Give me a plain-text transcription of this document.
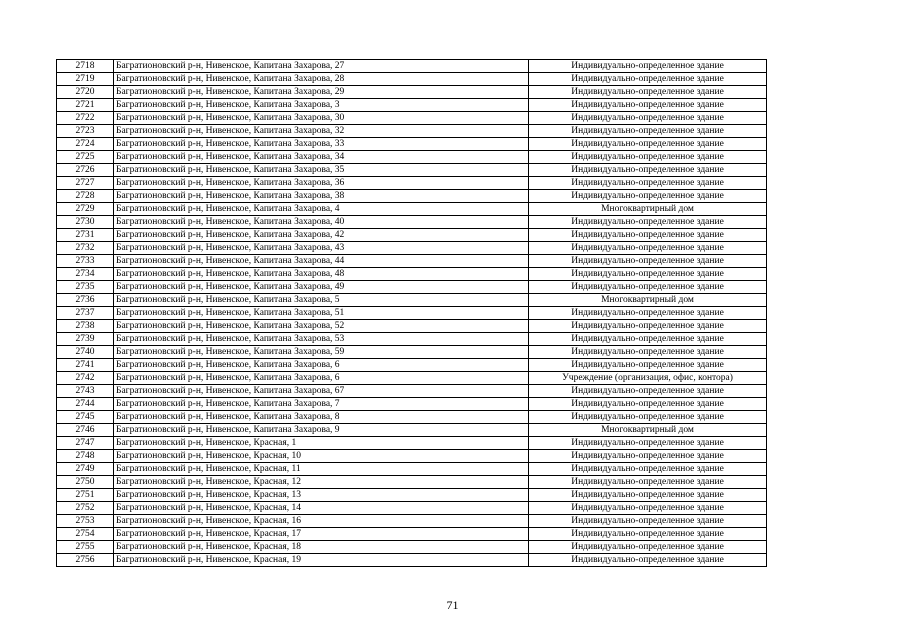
2718	Багратионовский р-н, Нивенское, Капитана Захарова, 27	Индивидуально-определенное здание
2719	Багратионовский р-н, Нивенское, Капитана Захарова, 28	Индивидуально-определенное здание
2720	Багратионовский р-н, Нивенское, Капитана Захарова, 29	Индивидуально-определенное здание
2721	Багратионовский р-н, Нивенское, Капитана Захарова, 3	Индивидуально-определенное здание
2722	Багратионовский р-н, Нивенское, Капитана Захарова, 30	Индивидуально-определенное здание
2723	Багратионовский р-н, Нивенское, Капитана Захарова, 32	Индивидуально-определенное здание
2724	Багратионовский р-н, Нивенское, Капитана Захарова, 33	Индивидуально-определенное здание
2725	Багратионовский р-н, Нивенское, Капитана Захарова, 34	Индивидуально-определенное здание
2726	Багратионовский р-н, Нивенское, Капитана Захарова, 35	Индивидуально-определенное здание
2727	Багратионовский р-н, Нивенское, Капитана Захарова, 36	Индивидуально-определенное здание
2728	Багратионовский р-н, Нивенское, Капитана Захарова, 38	Индивидуально-определенное здание
2729	Багратионовский р-н, Нивенское, Капитана Захарова, 4	Многоквартирный дом
2730	Багратионовский р-н, Нивенское, Капитана Захарова, 40	Индивидуально-определенное здание
2731	Багратионовский р-н, Нивенское, Капитана Захарова, 42	Индивидуально-определенное здание
2732	Багратионовский р-н, Нивенское, Капитана Захарова, 43	Индивидуально-определенное здание
2733	Багратионовский р-н, Нивенское, Капитана Захарова, 44	Индивидуально-определенное здание
2734	Багратионовский р-н, Нивенское, Капитана Захарова, 48	Индивидуально-определенное здание
2735	Багратионовский р-н, Нивенское, Капитана Захарова, 49	Индивидуально-определенное здание
2736	Багратионовский р-н, Нивенское, Капитана Захарова, 5	Многоквартирный дом
2737	Багратионовский р-н, Нивенское, Капитана Захарова, 51	Индивидуально-определенное здание
2738	Багратионовский р-н, Нивенское, Капитана Захарова, 52	Индивидуально-определенное здание
2739	Багратионовский р-н, Нивенское, Капитана Захарова, 53	Индивидуально-определенное здание
2740	Багратионовский р-н, Нивенское, Капитана Захарова, 59	Индивидуально-определенное здание
2741	Багратионовский р-н, Нивенское, Капитана Захарова, 6	Индивидуально-определенное здание
2742	Багратионовский р-н, Нивенское, Капитана Захарова, 6	Учреждение (организация, офис, контора)
2743	Багратионовский р-н, Нивенское, Капитана Захарова, 67	Индивидуально-определенное здание
2744	Багратионовский р-н, Нивенское, Капитана Захарова, 7	Индивидуально-определенное здание
2745	Багратионовский р-н, Нивенское, Капитана Захарова, 8	Индивидуально-определенное здание
2746	Багратионовский р-н, Нивенское, Капитана Захарова, 9	Многоквартирный дом
2747	Багратионовский р-н, Нивенское, Красная, 1	Индивидуально-определенное здание
2748	Багратионовский р-н, Нивенское, Красная, 10	Индивидуально-определенное здание
2749	Багратионовский р-н, Нивенское, Красная, 11	Индивидуально-определенное здание
2750	Багратионовский р-н, Нивенское, Красная, 12	Индивидуально-определенное здание
2751	Багратионовский р-н, Нивенское, Красная, 13	Индивидуально-определенное здание
2752	Багратионовский р-н, Нивенское, Красная, 14	Индивидуально-определенное здание
2753	Багратионовский р-н, Нивенское, Красная, 16	Индивидуально-определенное здание
2754	Багратионовский р-н, Нивенское, Красная, 17	Индивидуально-определенное здание
2755	Багратионовский р-н, Нивенское, Красная, 18	Индивидуально-определенное здание
2756	Багратионовский р-н, Нивенское, Красная, 19	Индивидуально-определенное здание
71
